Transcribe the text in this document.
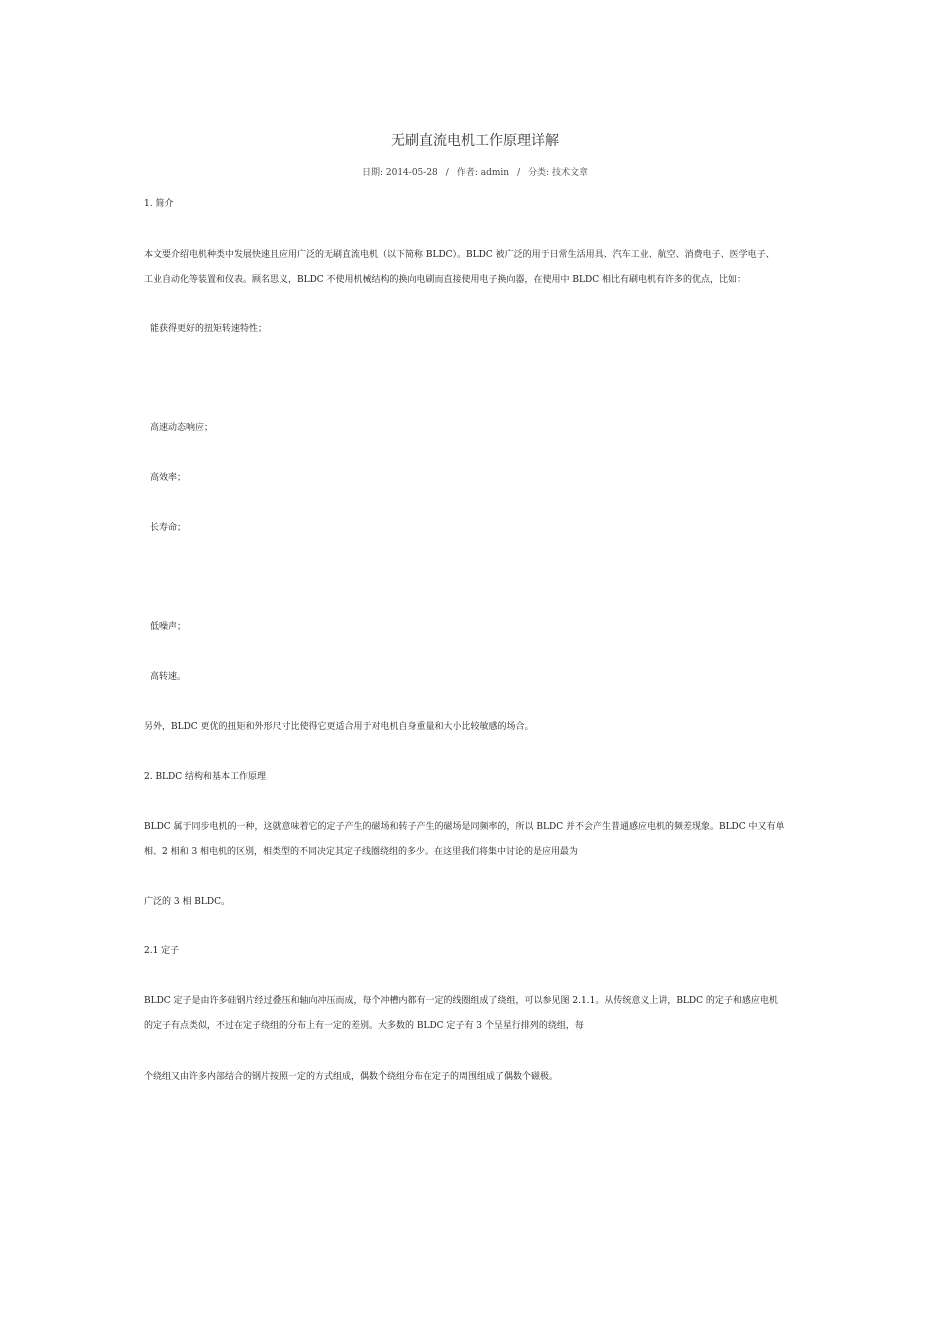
无刷直流电机工作原理详解
日期: 2014-05-28 / 作者: admin / 分类: 技术文章
1. 简介
本文要介绍电机种类中发展快速且应用广泛的无刷直流电机（以下简称 BLDC）。BLDC 被广泛的用于日常生活用具、汽车工业、航空、消费电子、医学电子、
工业自动化等装置和仪表。顾名思义，BLDC 不使用机械结构的换向电刷而直接使用电子换向器，在使用中 BLDC 相比有刷电机有许多的优点，比如：
能获得更好的扭矩转速特性；
高速动态响应；
高效率；
长寿命；
低噪声；
高转速。
另外，BLDC 更优的扭矩和外形尺寸比使得它更适合用于对电机自身重量和大小比较敏感的场合。
2. BLDC 结构和基本工作原理
BLDC 属于同步电机的一种，这就意味着它的定子产生的磁场和转子产生的磁场是同频率的，所以 BLDC 并不会产生普通感应电机的频差现象。BLDC 中又有单
相、2 相和 3 相电机的区别，相类型的不同决定其定子线圈绕组的多少。在这里我们将集中讨论的是应用最为
广泛的 3 相 BLDC。
2.1 定子
BLDC 定子是由许多硅钢片经过叠压和轴向冲压而成，每个冲槽内都有一定的线圈组成了绕组，可以参见图 2.1.1。从传统意义上讲，BLDC 的定子和感应电机
的定子有点类似，不过在定子绕组的分布上有一定的差别。大多数的 BLDC 定子有 3 个呈星行排列的绕组，每
个绕组又由许多内部结合的钢片按照一定的方式组成，偶数个绕组分布在定子的周围组成了偶数个磁极。
